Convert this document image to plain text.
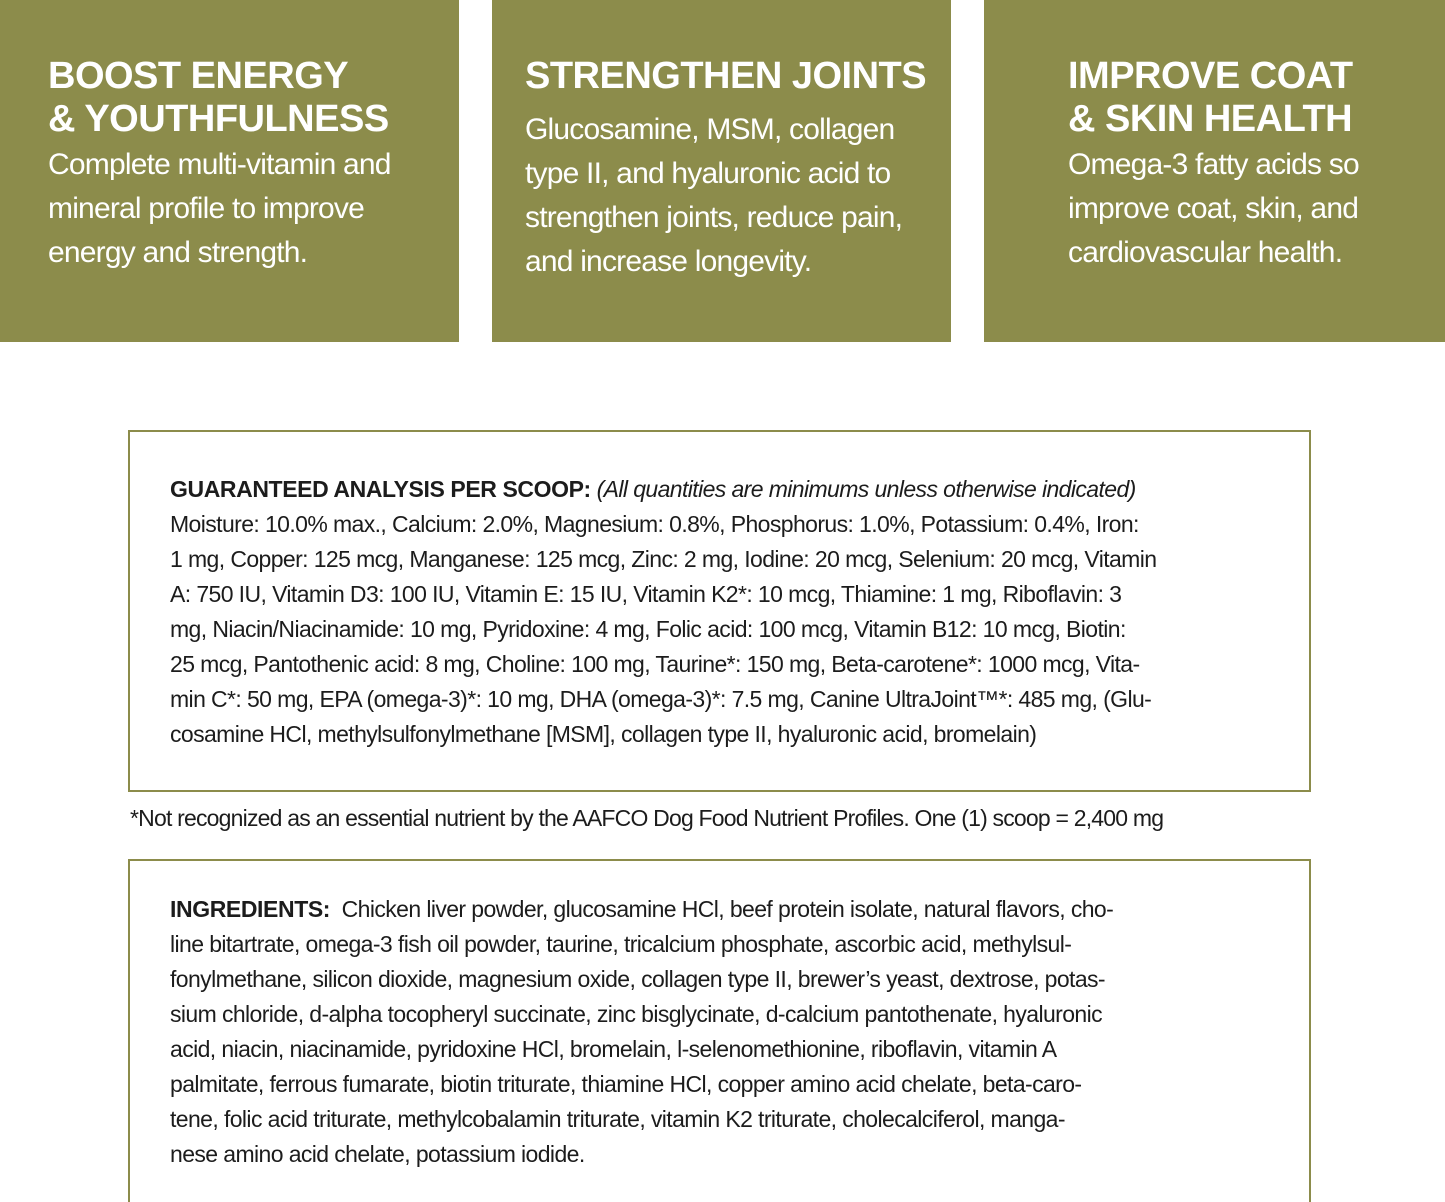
BOOST ENERGY
& YOUTHFULNESS
Complete multi-vitamin and
mineral profile to improve
energy and strength.
STRENGTHEN JOINTS
Glucosamine, MSM, collagen
type II, and hyaluronic acid to
strengthen joints, reduce pain,
and increase longevity.
IMPROVE COAT
& SKIN HEALTH
Omega-3 fatty acids so
improve coat, skin, and
cardiovascular health.
GUARANTEED ANALYSIS PER SCOOP: (All quantities are minimums unless otherwise indicated)
Moisture: 10.0% max., Calcium: 2.0%, Magnesium: 0.8%, Phosphorus: 1.0%, Potassium: 0.4%, Iron:
1 mg, Copper: 125 mcg, Manganese: 125 mcg, Zinc: 2 mg, Iodine: 20 mcg, Selenium: 20 mcg, Vitamin
A: 750 IU, Vitamin D3: 100 IU, Vitamin E: 15 IU, Vitamin K2*: 10 mcg, Thiamine: 1 mg, Riboflavin: 3
mg, Niacin/Niacinamide: 10 mg, Pyridoxine: 4 mg, Folic acid: 100 mcg, Vitamin B12: 10 mcg, Biotin:
25 mcg, Pantothenic acid: 8 mg, Choline: 100 mg, Taurine*: 150 mg, Beta-carotene*: 1000 mcg, Vita-
min C*: 50 mg, EPA (omega-3)*: 10 mg, DHA (omega-3)*: 7.5 mg, Canine UltraJoint™*: 485 mg, (Glu-
cosamine HCl, methylsulfonylmethane [MSM], collagen type II, hyaluronic acid, bromelain)
*Not recognized as an essential nutrient by the AAFCO Dog Food Nutrient Profiles. One (1) scoop = 2,400 mg
INGREDIENTS: Chicken liver powder, glucosamine HCl, beef protein isolate, natural flavors, cho-
line bitartrate, omega-3 fish oil powder, taurine, tricalcium phosphate, ascorbic acid, methylsul-
fonylmethane, silicon dioxide, magnesium oxide, collagen type II, brewer’s yeast, dextrose, potas-
sium chloride, d-alpha tocopheryl succinate, zinc bisglycinate, d-calcium pantothenate, hyaluronic
acid, niacin, niacinamide, pyridoxine HCl, bromelain, l-selenomethionine, riboflavin, vitamin A
palmitate, ferrous fumarate, biotin triturate, thiamine HCl, copper amino acid chelate, beta-caro-
tene, folic acid triturate, methylcobalamin triturate, vitamin K2 triturate, cholecalciferol, manga-
nese amino acid chelate, potassium iodide.
